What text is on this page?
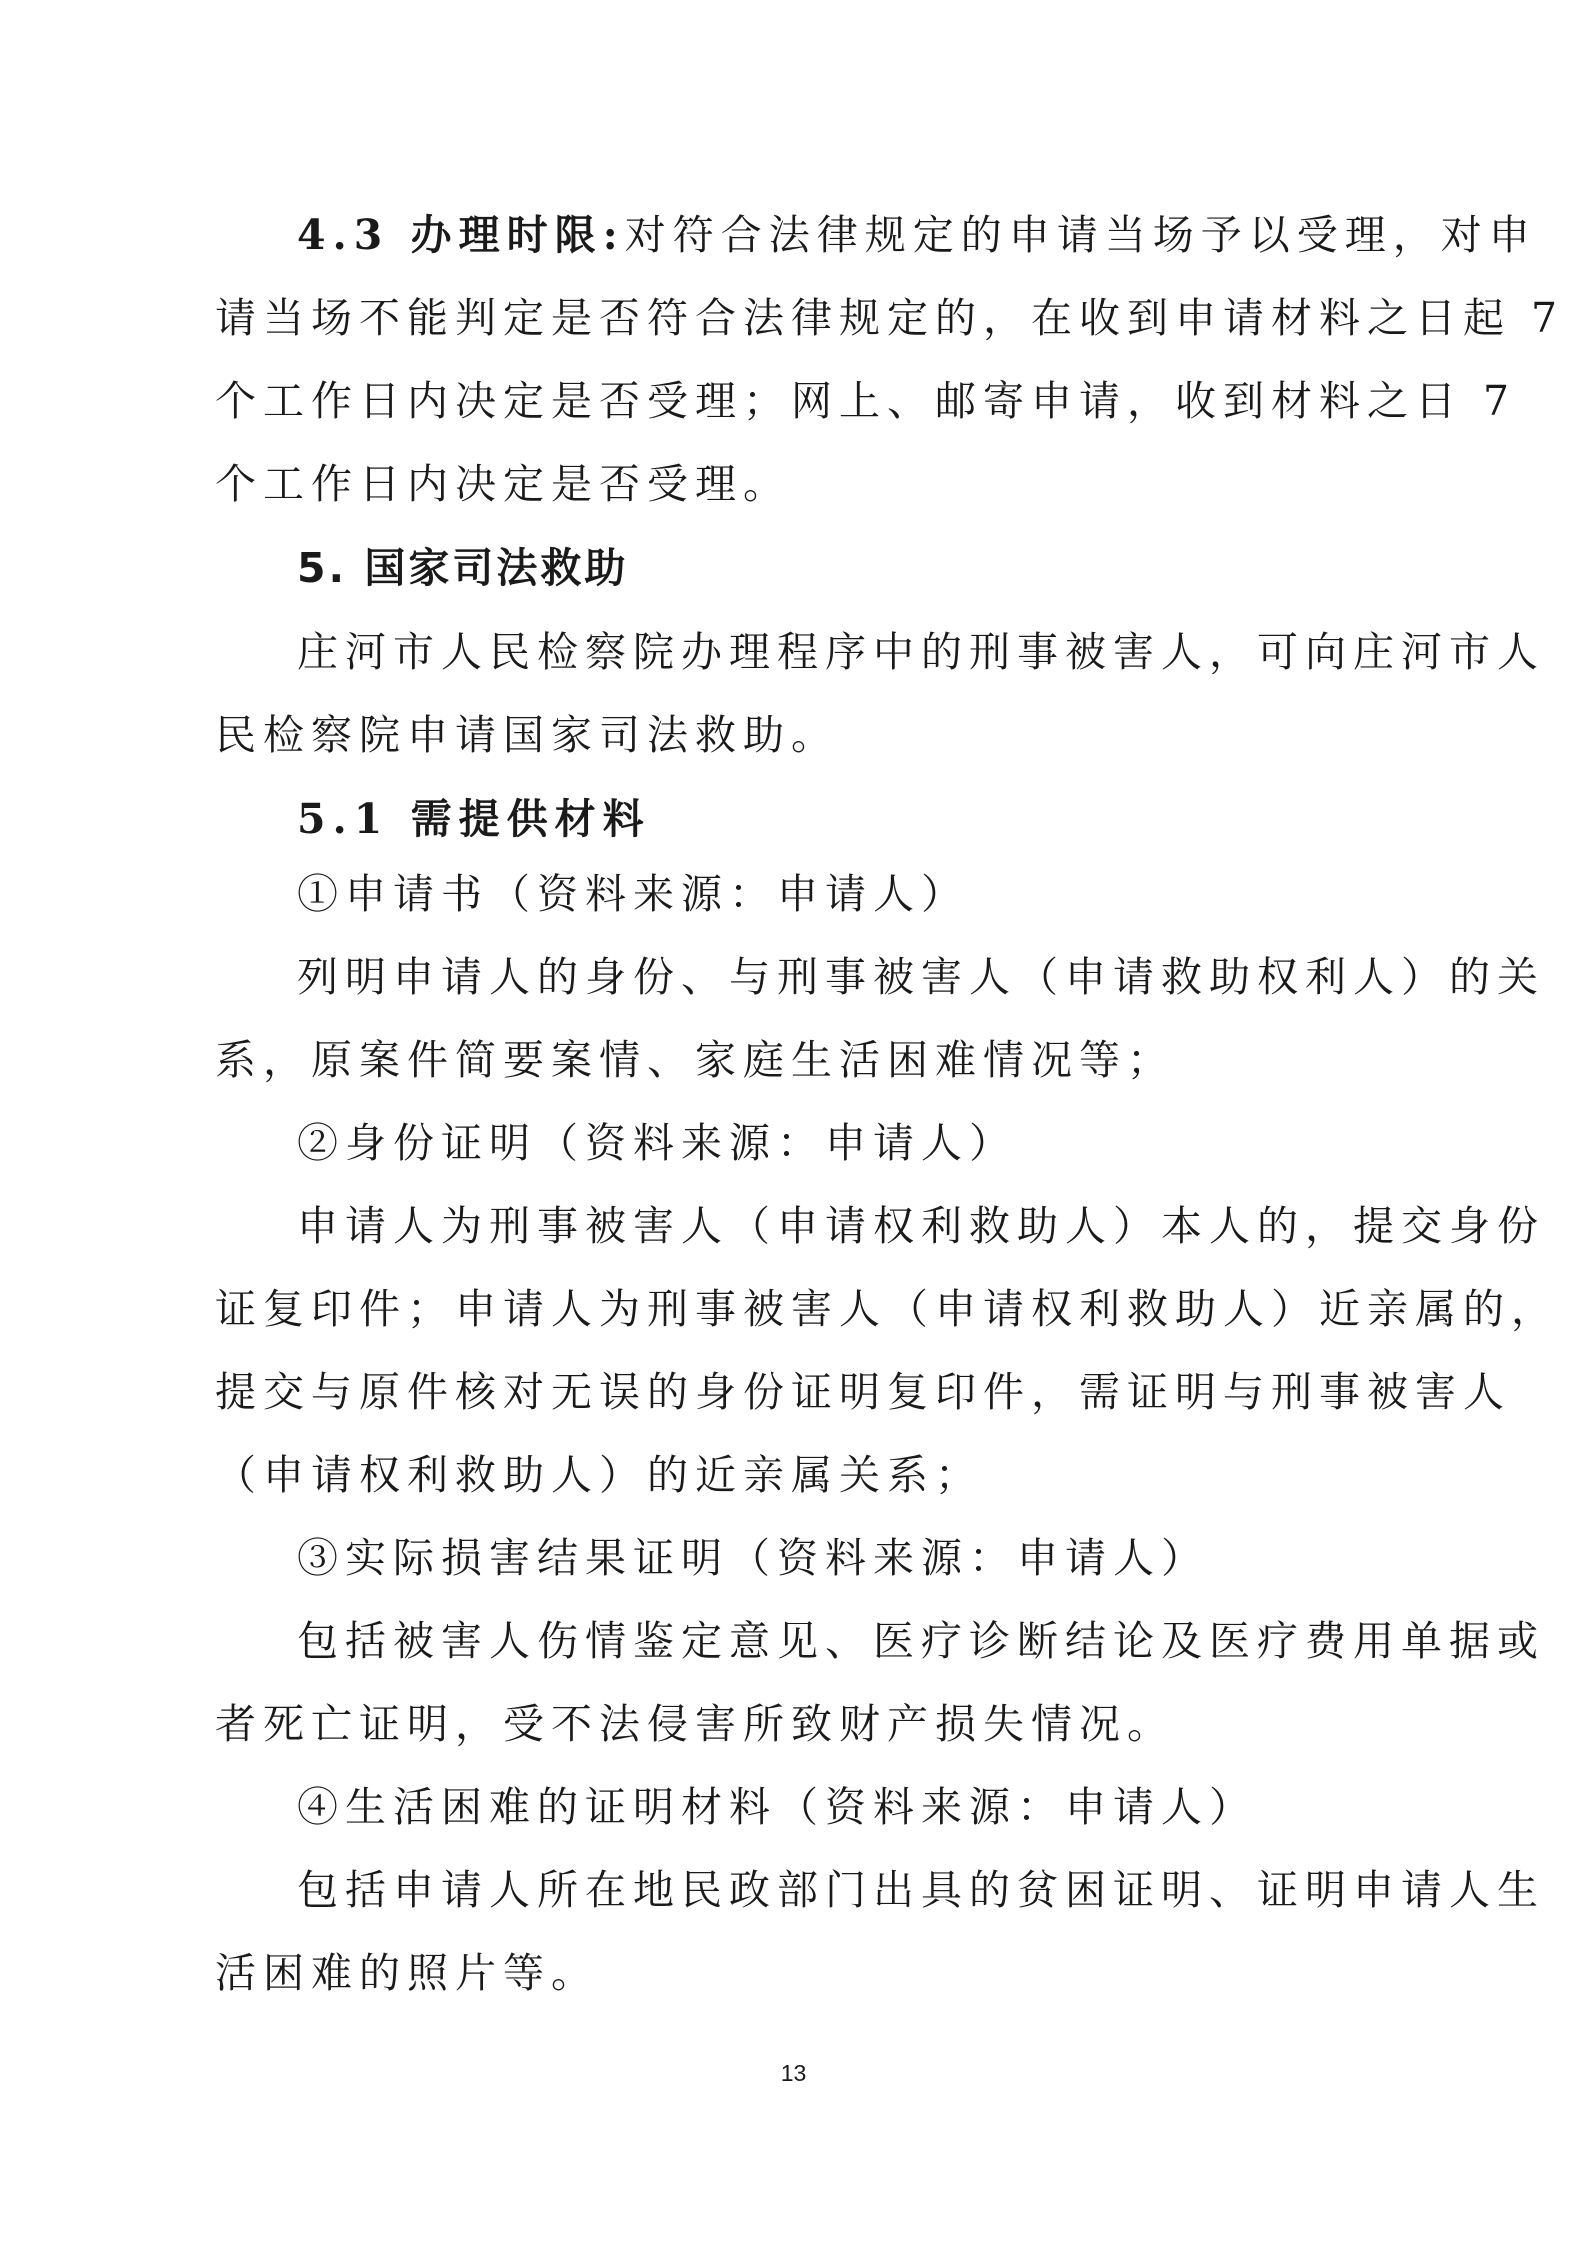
4.3 办理时限:对符合法律规定的申请当场予以受理，对申
请当场不能判定是否符合法律规定的，在收到申请材料之日起 7
个工作日内决定是否受理；网上、邮寄申请，收到材料之日 7
个工作日内决定是否受理。
5. 国家司法救助
庄河市人民检察院办理程序中的刑事被害人，可向庄河市人
民检察院申请国家司法救助。
5.1 需提供材料
①申请书（资料来源：申请人）
列明申请人的身份、与刑事被害人（申请救助权利人）的关
系，原案件简要案情、家庭生活困难情况等；
②身份证明（资料来源：申请人）
申请人为刑事被害人（申请权利救助人）本人的，提交身份
证复印件；申请人为刑事被害人（申请权利救助人）近亲属的，
提交与原件核对无误的身份证明复印件，需证明与刑事被害人
（申请权利救助人）的近亲属关系；
③实际损害结果证明（资料来源：申请人）
包括被害人伤情鉴定意见、医疗诊断结论及医疗费用单据或
者死亡证明，受不法侵害所致财产损失情况。
④生活困难的证明材料（资料来源：申请人）
包括申请人所在地民政部门出具的贫困证明、证明申请人生
活困难的照片等。
13
